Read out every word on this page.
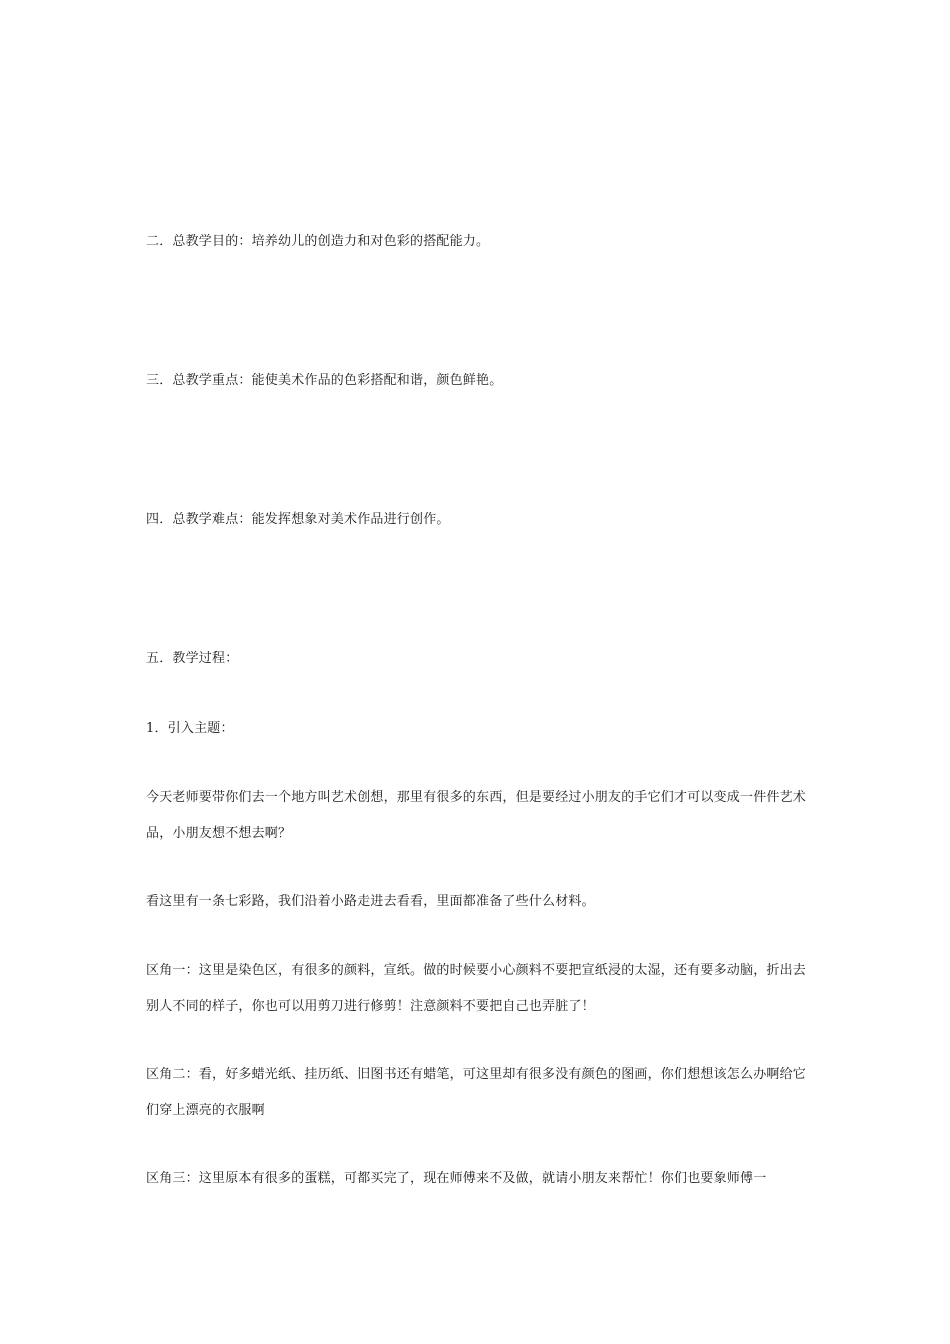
二．总教学目的：培养幼儿的创造力和对色彩的搭配能力。
三．总教学重点：能使美术作品的色彩搭配和谐，颜色鲜艳。
四．总教学难点：能发挥想象对美术作品进行创作。
五．教学过程：
1．引入主题：
今天老师要带你们去一个地方叫艺术创想，那里有很多的东西，但是要经过小朋友的手它们才可以变成一件件艺术品，小朋友想不想去啊？
看这里有一条七彩路，我们沿着小路走进去看看，里面都准备了些什么材料。
区角一：这里是染色区，有很多的颜料，宣纸。做的时候要小心颜料不要把宣纸浸的太湿，还有要多动脑，折出去别人不同的样子，你也可以用剪刀进行修剪！注意颜料不要把自己也弄脏了！
区角二：看，好多蜡光纸、挂历纸、旧图书还有蜡笔，可这里却有很多没有颜色的图画，你们想想该怎么办啊给它们穿上漂亮的衣服啊
区角三：这里原本有很多的蛋糕，可都买完了，现在师傅来不及做，就请小朋友来帮忙！你们也要象师傅一
